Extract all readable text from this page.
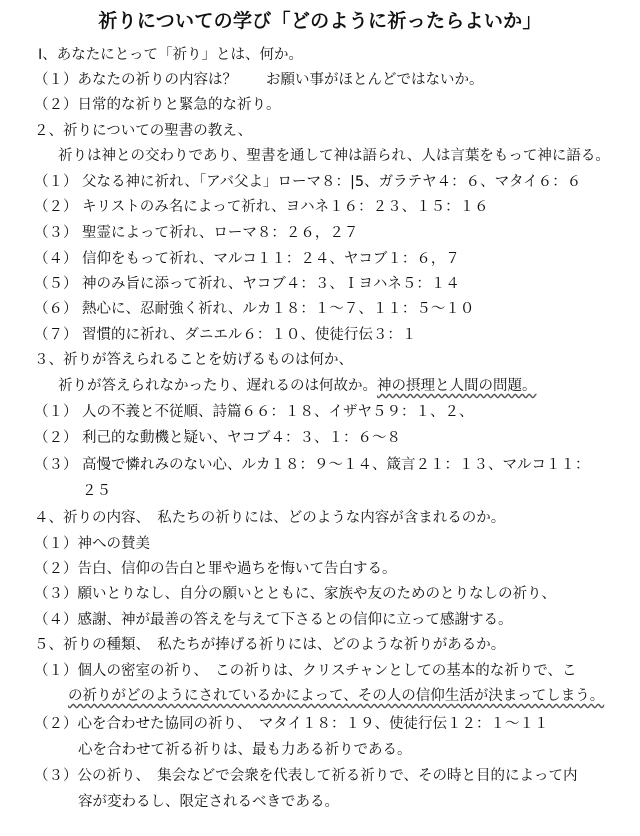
祈りについての学び「どのように祈ったらよいか」
Ⅰ、あなたにとって「祈り」とは、何か。
（１）あなたの祈りの内容は？　　お願い事がほとんどではないか。
（２）日常的な祈りと緊急的な祈り。
２、祈りについての聖書の教え、
祈りは神との交わりであり、聖書を通して神は語られ、人は言葉をもって神に語る。
（１） 父なる神に祈れ、「アバ父よ」ローマ８：|5、ガラテヤ４：６、マタイ６：６
（２） キリストのみ名によって祈れ、ヨハネ１６：２３、１５：１６
（３） 聖霊によって祈れ、ローマ８：２６，２７
（４） 信仰をもって祈れ、マルコ１１：２４、ヤコブ１：６，７
（５） 神のみ旨に添って祈れ、ヤコブ４：３、Ｉヨハネ５：１４
（６） 熱心に、忍耐強く祈れ、ルカ１８：１〜７、１１：５〜１０
（７） 習慣的に祈れ、ダニエル６：１０、使徒行伝３：１
３、祈りが答えられることを妨げるものは何か、
祈りが答えられなかったり、遅れるのは何故か。神の摂理と人間の問題。
（１） 人の不義と不従順、詩篇６６：１８、イザヤ５９：１、２、
（２） 利己的な動機と疑い、ヤコブ４：３、１：６〜８
（３） 高慢で憐れみのない心、ルカ１８：９〜１４、箴言２１：１３、マルコ１１：
２５
４、祈りの内容、　私たちの祈りには、どのような内容が含まれるのか。
（１）神への賛美
（２）告白、信仰の告白と罪や過ちを悔いて告白する。
（３）願いとりなし、自分の願いとともに、家族や友のためのとりなしの祈り、
（４）感謝、神が最善の答えを与えて下さるとの信仰に立って感謝する。
５、祈りの種類、　私たちが捧げる祈りには、どのような祈りがあるか。
（１）個人の密室の祈り、　この祈りは、クリスチャンとしての基本的な祈りで、こ
の祈りがどのようにされているかによって、その人の信仰生活が決まってしまう。
（２）心を合わせた協同の祈り、　マタイ１８：１９、使徒行伝１２：１〜１１
心を合わせて祈る祈りは、最も力ある祈りである。
（３）公の祈り、　集会などで会衆を代表して祈る祈りで、その時と目的によって内
容が変わるし、限定されるべきである。
